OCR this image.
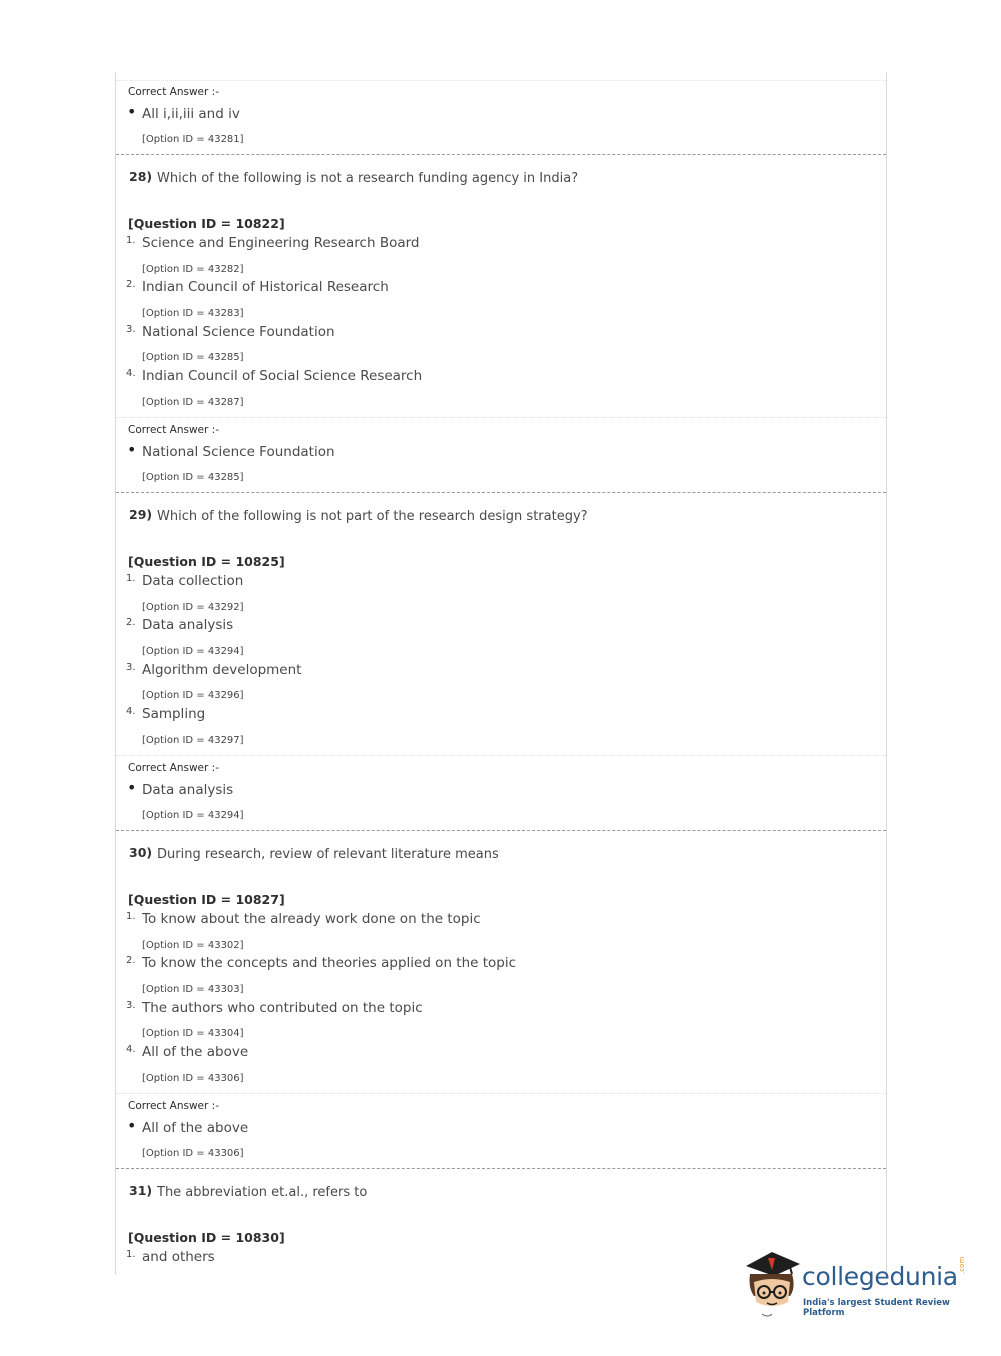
Correct Answer :-
• All i,ii,iii and iv
[Option ID = 43281]
28) Which of the following is not a research funding agency in India?
[Question ID = 10822]
1. Science and Engineering Research Board
[Option ID = 43282]
2. Indian Council of Historical Research
[Option ID = 43283]
3. National Science Foundation
[Option ID = 43285]
4. Indian Council of Social Science Research
[Option ID = 43287]
Correct Answer :-
• National Science Foundation
[Option ID = 43285]
29) Which of the following is not part of the research design strategy?
[Question ID = 10825]
1. Data collection
[Option ID = 43292]
2. Data analysis
[Option ID = 43294]
3. Algorithm development
[Option ID = 43296]
4. Sampling
[Option ID = 43297]
Correct Answer :-
• Data analysis
[Option ID = 43294]
30) During research, review of relevant literature means
[Question ID = 10827]
1. To know about the already work done on the topic
[Option ID = 43302]
2. To know the concepts and theories applied on the topic
[Option ID = 43303]
3. The authors who contributed on the topic
[Option ID = 43304]
4. All of the above
[Option ID = 43306]
Correct Answer :-
• All of the above
[Option ID = 43306]
31) The abbreviation et.al., refers to
[Question ID = 10830]
1. and others
collegedunia .com
India's largest Student Review Platform
